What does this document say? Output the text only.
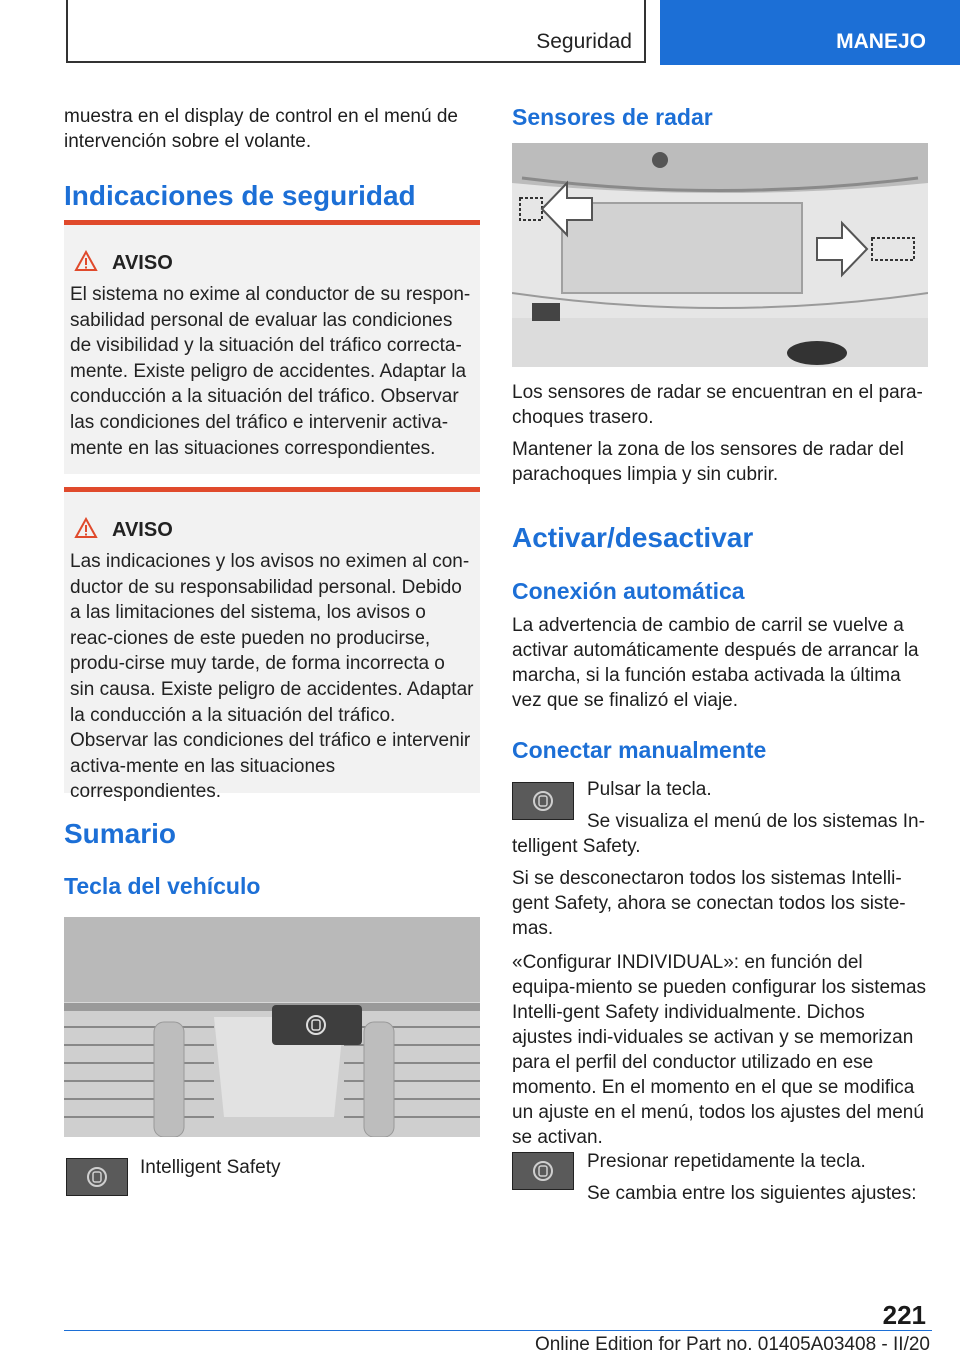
Seguridad	MANEJO

muestra en el display de control en el menú de intervención sobre el volante.

Indicaciones de seguridad
AVISO
El sistema no exime al conductor de su respon-sabilidad personal de evaluar las condiciones de visibilidad y la situación del tráfico correcta-mente. Existe peligro de accidentes. Adaptar la conducción a la situación del tráfico. Observar las condiciones del tráfico e intervenir activa-mente en las situaciones correspondientes.
AVISO
Las indicaciones y los avisos no eximen al con-ductor de su responsabilidad personal. Debido a las limitaciones del sistema, los avisos o reac-ciones de este pueden no producirse, produ-cirse muy tarde, de forma incorrecta o sin causa. Existe peligro de accidentes. Adaptar la conducción a la situación del tráfico. Observar las condiciones del tráfico e intervenir activa-mente en las situaciones correspondientes.
Sumario
Tecla del vehículo

Intelligent Safety

Sensores de radar

Los sensores de radar se encuentran en el para-choques trasero.

Mantener la zona de los sensores de radar del parachoques limpia y sin cubrir.

Activar/desactivar
Conexión automática

La advertencia de cambio de carril se vuelve a activar automáticamente después de arrancar la marcha, si la función estaba activada la última vez que se finalizó el viaje.

Conectar manualmente

Pulsar la tecla.

Se visualiza el menú de los sistemas In-telligent Safety.

Si se desconectaron todos los sistemas Intelli-gent Safety, ahora se conectan todos los siste-mas.

«Configurar INDIVIDUAL»: en función del equipa-miento se pueden configurar los sistemas Intelli-gent Safety individualmente. Dichos ajustes indi-viduales se activan y se memorizan para el perfil del conductor utilizado en ese momento. En el momento en el que se modifica un ajuste en el menú, todos los ajustes del menú se activan.

Presionar repetidamente la tecla.

Se cambia entre los siguientes ajustes:

221
Online Edition for Part no. 01405A03408 - II/20
